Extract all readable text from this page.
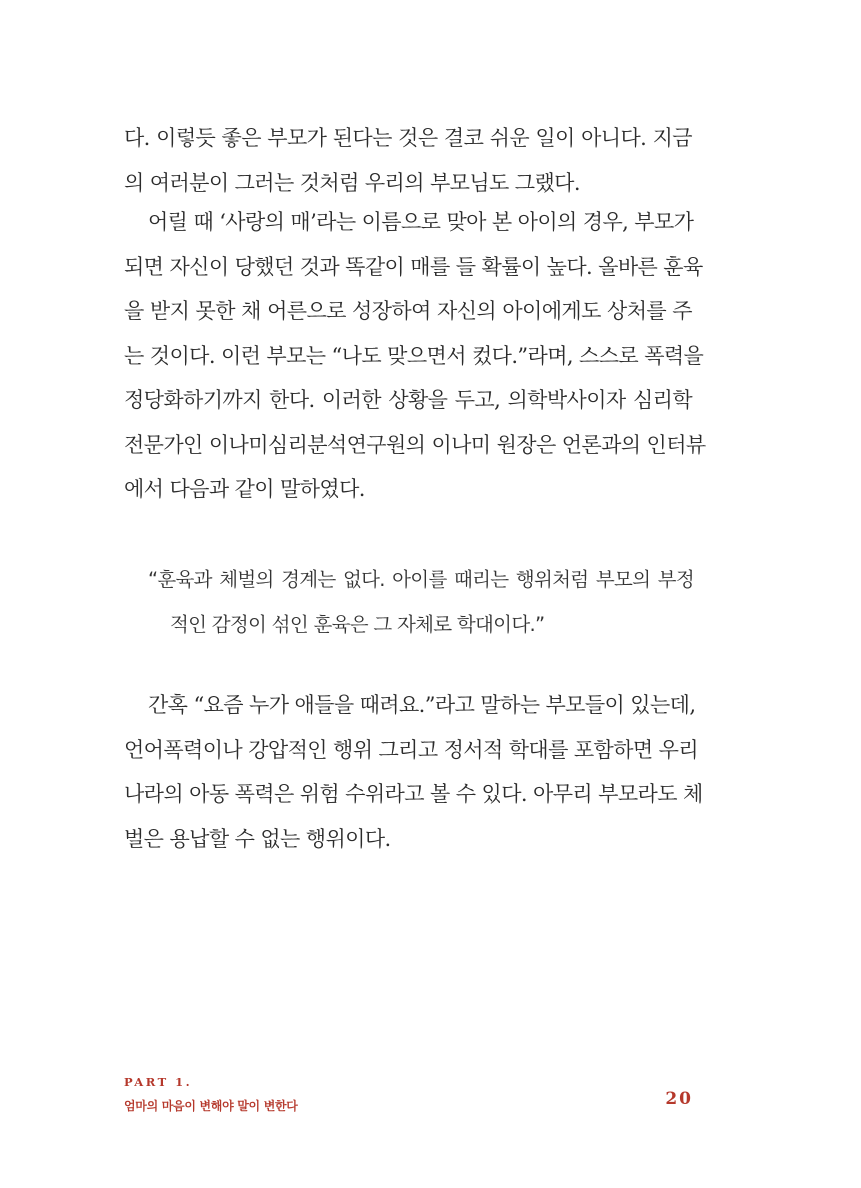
다. 이렇듯 좋은 부모가 된다는 것은 결코 쉬운 일이 아니다. 지금
의 여러분이 그러는 것처럼 우리의 부모님도 그랬다.

어릴 때 ‘사랑의 매’라는 이름으로 맞아 본 아이의 경우, 부모가
되면 자신이 당했던 것과 똑같이 매를 들 확률이 높다. 올바른 훈육
을 받지 못한 채 어른으로 성장하여 자신의 아이에게도 상처를 주
는 것이다. 이런 부모는 “나도 맞으면서 컸다.”라며, 스스로 폭력을
정당화하기까지 한다. 이러한 상황을 두고, 의학박사이자 심리학
전문가인 이나미심리분석연구원의 이나미 원장은 언론과의 인터뷰
에서 다음과 같이 말하였다.

“훈육과 체벌의 경계는 없다. 아이를 때리는 행위처럼 부모의 부정
적인 감정이 섞인 훈육은 그 자체로 학대이다.”

간혹 “요즘 누가 애들을 때려요.”라고 말하는 부모들이 있는데,
언어폭력이나 강압적인 행위 그리고 정서적 학대를 포함하면 우리
나라의 아동 폭력은 위험 수위라고 볼 수 있다. 아무리 부모라도 체
벌은 용납할 수 없는 행위이다.

PART 1.

엄마의 마음이 변해야 말이 변한다	20
